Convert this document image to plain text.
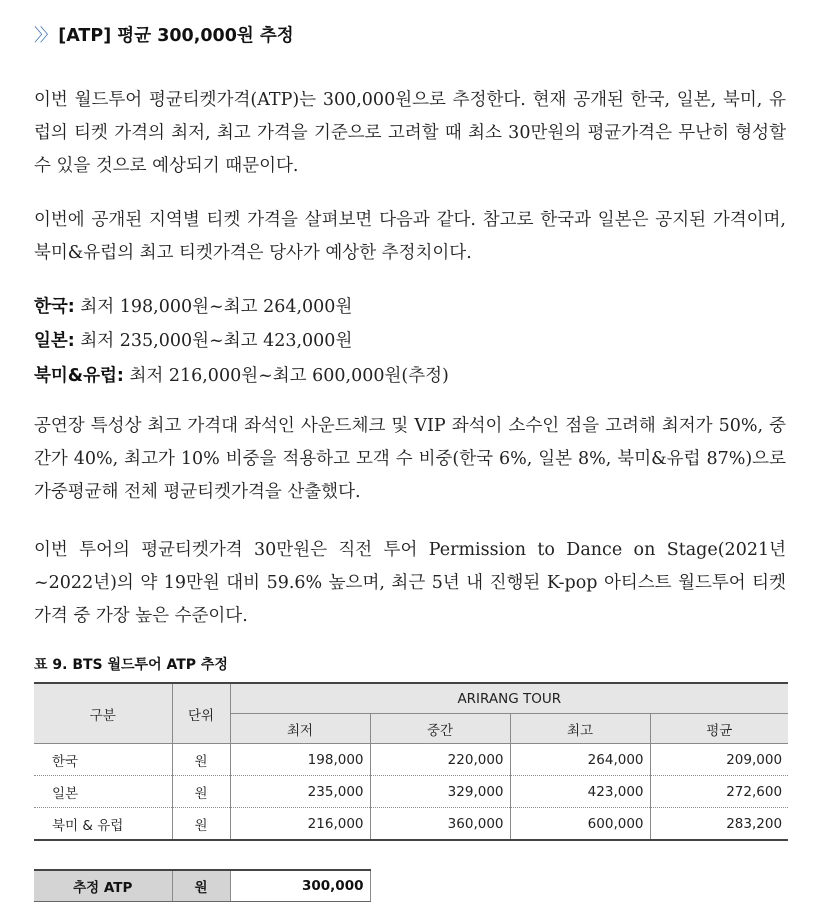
〉〉 [ATP] 평균 300,000원 추정

이번 월드투어 평균티켓가격(ATP)는 300,000원으로 추정한다. 현재 공개된 한국, 일본, 북미, 유럽의 티켓 가격의 최저, 최고 가격을 기준으로 고려할 때 최소 30만원의 평균가격은 무난히 형성할 수 있을 것으로 예상되기 때문이다.

이번에 공개된 지역별 티켓 가격을 살펴보면 다음과 같다. 참고로 한국과 일본은 공지된 가격이며, 북미&유럽의 최고 티켓가격은 당사가 예상한 추정치이다.

한국: 최저 198,000원~최고 264,000원

일본: 최저 235,000원~최고 423,000원

북미&유럽: 최저 216,000원~최고 600,000원(추정)

공연장 특성상 최고 가격대 좌석인 사운드체크 및 VIP 좌석이 소수인 점을 고려해 최저가 50%, 중간가 40%, 최고가 10% 비중을 적용하고 모객 수 비중(한국 6%, 일본 8%, 북미&유럽 87%)으로 가중평균해 전체 평균티켓가격을 산출했다.

이번 투어의 평균티켓가격 30만원은 직전 투어 Permission to Dance on Stage(2021년~2022년)의 약 19만원 대비 59.6% 높으며, 최근 5년 내 진행된 K-pop 아티스트 월드투어 티켓가격 중 가장 높은 수준이다.

표 9. BTS 월드투어 ATP 추정
구분	단위	ARIRANG TOUR			
		최저	중간	최고	평균
한국	원	198,000	220,000	264,000	209,000
일본	원	235,000	329,000	423,000	272,600
북미 & 유럽	원	216,000	360,000	600,000	283,200
추정 ATP	원	300,000
